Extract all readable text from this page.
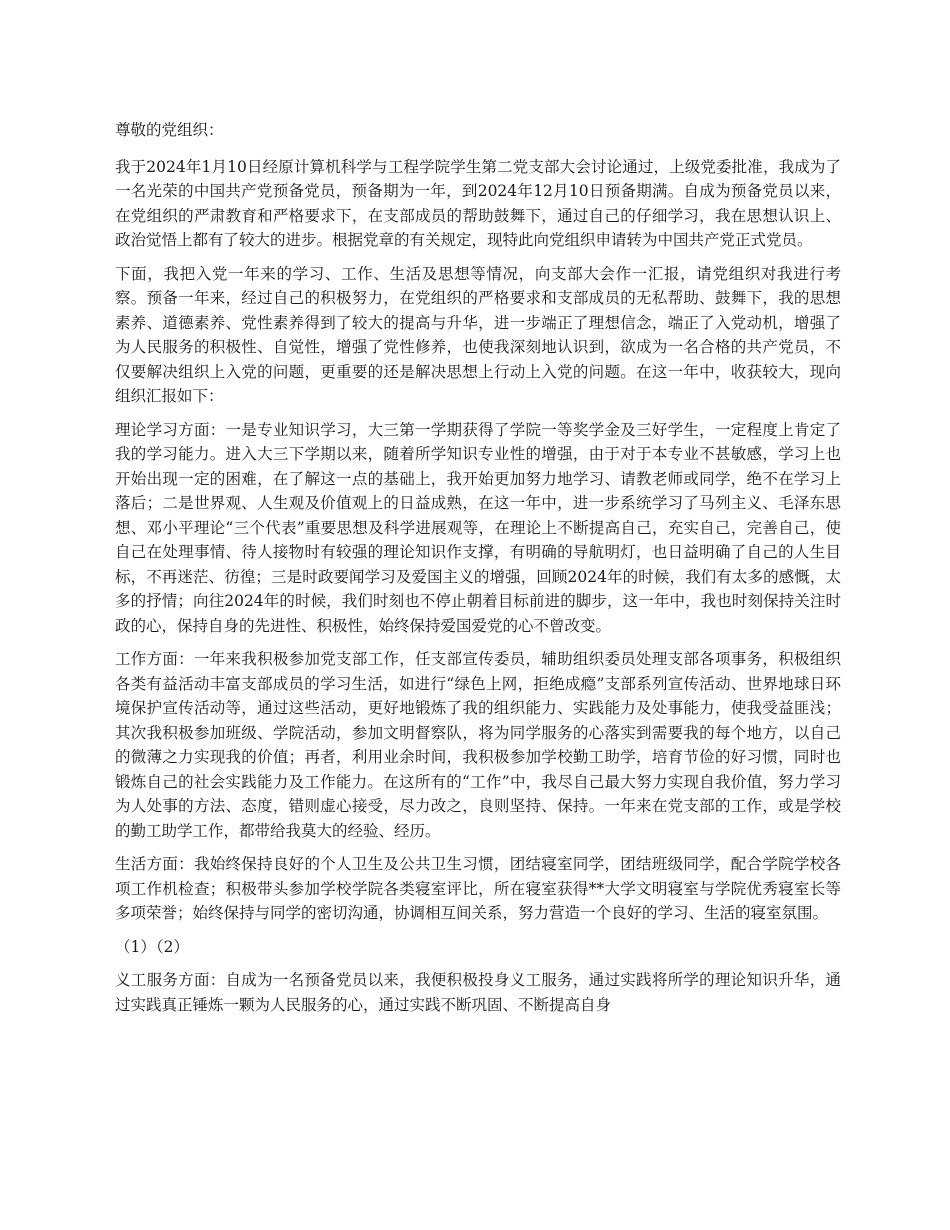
尊敬的党组织：

我于2024年1月10日经原计算机科学与工程学院学生第二党支部大会讨论通过，上级党委批准，我成为了一名光荣的中国共产党预备党员，预备期为一年，到2024年12月10日预备期满。自成为预备党员以来，在党组织的严肃教育和严格要求下，在支部成员的帮助鼓舞下，通过自己的仔细学习，我在思想认识上、政治觉悟上都有了较大的进步。根据党章的有关规定，现特此向党组织申请转为中国共产党正式党员。

下面，我把入党一年来的学习、工作、生活及思想等情况，向支部大会作一汇报，请党组织对我进行考察。预备一年来，经过自己的积极努力，在党组织的严格要求和支部成员的无私帮助、鼓舞下，我的思想素养、道德素养、党性素养得到了较大的提高与升华，进一步端正了理想信念，端正了入党动机，增强了为人民服务的积极性、自觉性，增强了党性修养，也使我深刻地认识到，欲成为一名合格的共产党员，不仅要解决组织上入党的问题，更重要的还是解决思想上行动上入党的问题。在这一年中，收获较大，现向组织汇报如下：

理论学习方面：一是专业知识学习，大三第一学期获得了学院一等奖学金及三好学生，一定程度上肯定了我的学习能力。进入大三下学期以来，随着所学知识专业性的增强，由于对于本专业不甚敏感，学习上也开始出现一定的困难，在了解这一点的基础上，我开始更加努力地学习、请教老师或同学，绝不在学习上落后；二是世界观、人生观及价值观上的日益成熟，在这一年中，进一步系统学习了马列主义、毛泽东思想、邓小平理论“三个代表”重要思想及科学进展观等，在理论上不断提高自己，充实自己，完善自己，使自己在处理事情、待人接物时有较强的理论知识作支撑，有明确的导航明灯，也日益明确了自己的人生目标，不再迷茫、彷徨；三是时政要闻学习及爱国主义的增强，回顾2024年的时候，我们有太多的感慨，太多的抒情；向往2024年的时候，我们时刻也不停止朝着目标前进的脚步，这一年中，我也时刻保持关注时政的心，保持自身的先进性、积极性，始终保持爱国爱党的心不曾改变。

工作方面：一年来我积极参加党支部工作，任支部宣传委员，辅助组织委员处理支部各项事务，积极组织各类有益活动丰富支部成员的学习生活，如进行“绿色上网，拒绝成瘾”支部系列宣传活动、世界地球日环境保护宣传活动等，通过这些活动，更好地锻炼了我的组织能力、实践能力及处事能力，使我受益匪浅；其次我积极参加班级、学院活动，参加文明督察队，将为同学服务的心落实到需要我的每个地方，以自己的微薄之力实现我的价值；再者，利用业余时间，我积极参加学校勤工助学，培育节俭的好习惯，同时也锻炼自己的社会实践能力及工作能力。在这所有的“工作”中，我尽自己最大努力实现自我价值，努力学习为人处事的方法、态度，错则虚心接受，尽力改之，良则坚持、保持。一年来在党支部的工作，或是学校的勤工助学工作，都带给我莫大的经验、经历。

生活方面：我始终保持良好的个人卫生及公共卫生习惯，团结寝室同学，团结班级同学，配合学院学校各项工作机检查；积极带头参加学校学院各类寝室评比，所在寝室获得**大学文明寝室与学院优秀寝室长等多项荣誉；始终保持与同学的密切沟通，协调相互间关系，努力营造一个良好的学习、生活的寝室氛围。

（1）（2）

义工服务方面：自成为一名预备党员以来，我便积极投身义工服务，通过实践将所学的理论知识升华，通过实践真正锤炼一颗为人民服务的心，通过实践不断巩固、不断提高自身
